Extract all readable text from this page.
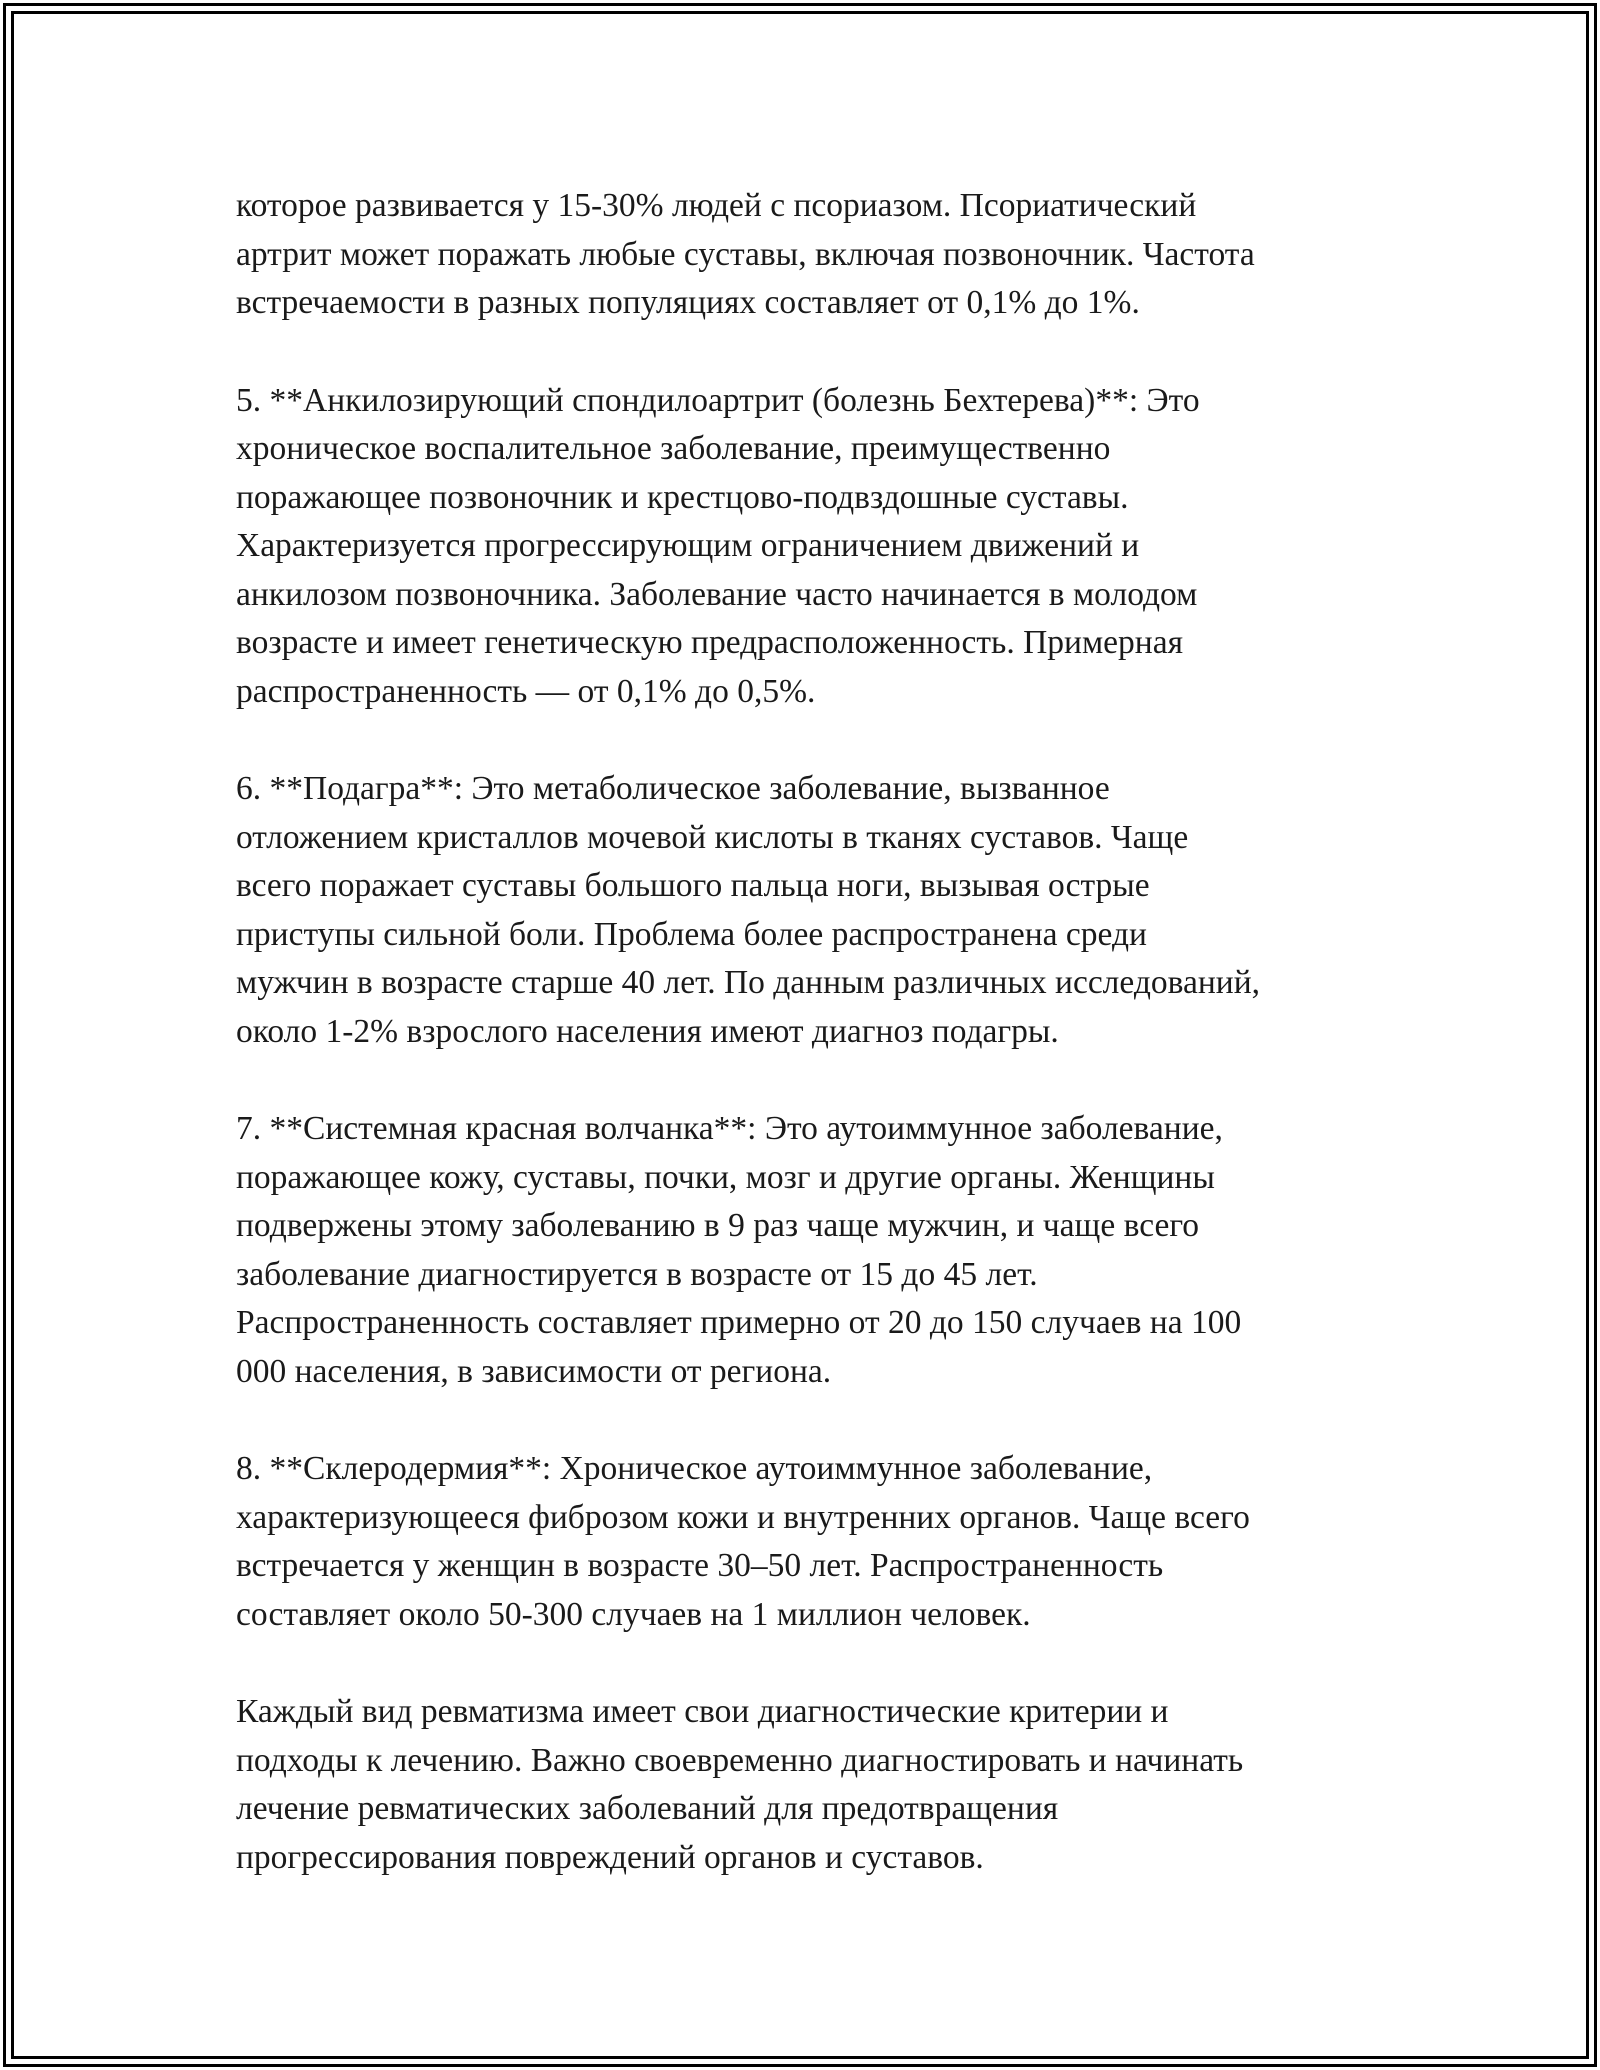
которое развивается у 15-30% людей с псориазом. Псориатический
артрит может поражать любые суставы, включая позвоночник. Частота
встречаемости в разных популяциях составляет от 0,1% до 1%.

5. **Анкилозирующий спондилоартрит (болезнь Бехтерева)**: Это
хроническое воспалительное заболевание, преимущественно
поражающее позвоночник и крестцово-подвздошные суставы.
Характеризуется прогрессирующим ограничением движений и
анкилозом позвоночника. Заболевание часто начинается в молодом
возрасте и имеет генетическую предрасположенность. Примерная
распространенность — от 0,1% до 0,5%.

6. **Подагра**: Это метаболическое заболевание, вызванное
отложением кристаллов мочевой кислоты в тканях суставов. Чаще
всего поражает суставы большого пальца ноги, вызывая острые
приступы сильной боли. Проблема более распространена среди
мужчин в возрасте старше 40 лет. По данным различных исследований,
около 1-2% взрослого населения имеют диагноз подагры.

7. **Системная красная волчанка**: Это аутоиммунное заболевание,
поражающее кожу, суставы, почки, мозг и другие органы. Женщины
подвержены этому заболеванию в 9 раз чаще мужчин, и чаще всего
заболевание диагностируется в возрасте от 15 до 45 лет.
Распространенность составляет примерно от 20 до 150 случаев на 100
000 населения, в зависимости от региона.

8. **Склеродермия**: Хроническое аутоиммунное заболевание,
характеризующееся фиброзом кожи и внутренних органов. Чаще всего
встречается у женщин в возрасте 30–50 лет. Распространенность
составляет около 50-300 случаев на 1 миллион человек.

Каждый вид ревматизма имеет свои диагностические критерии и
подходы к лечению. Важно своевременно диагностировать и начинать
лечение ревматических заболеваний для предотвращения
прогрессирования повреждений органов и суставов.
